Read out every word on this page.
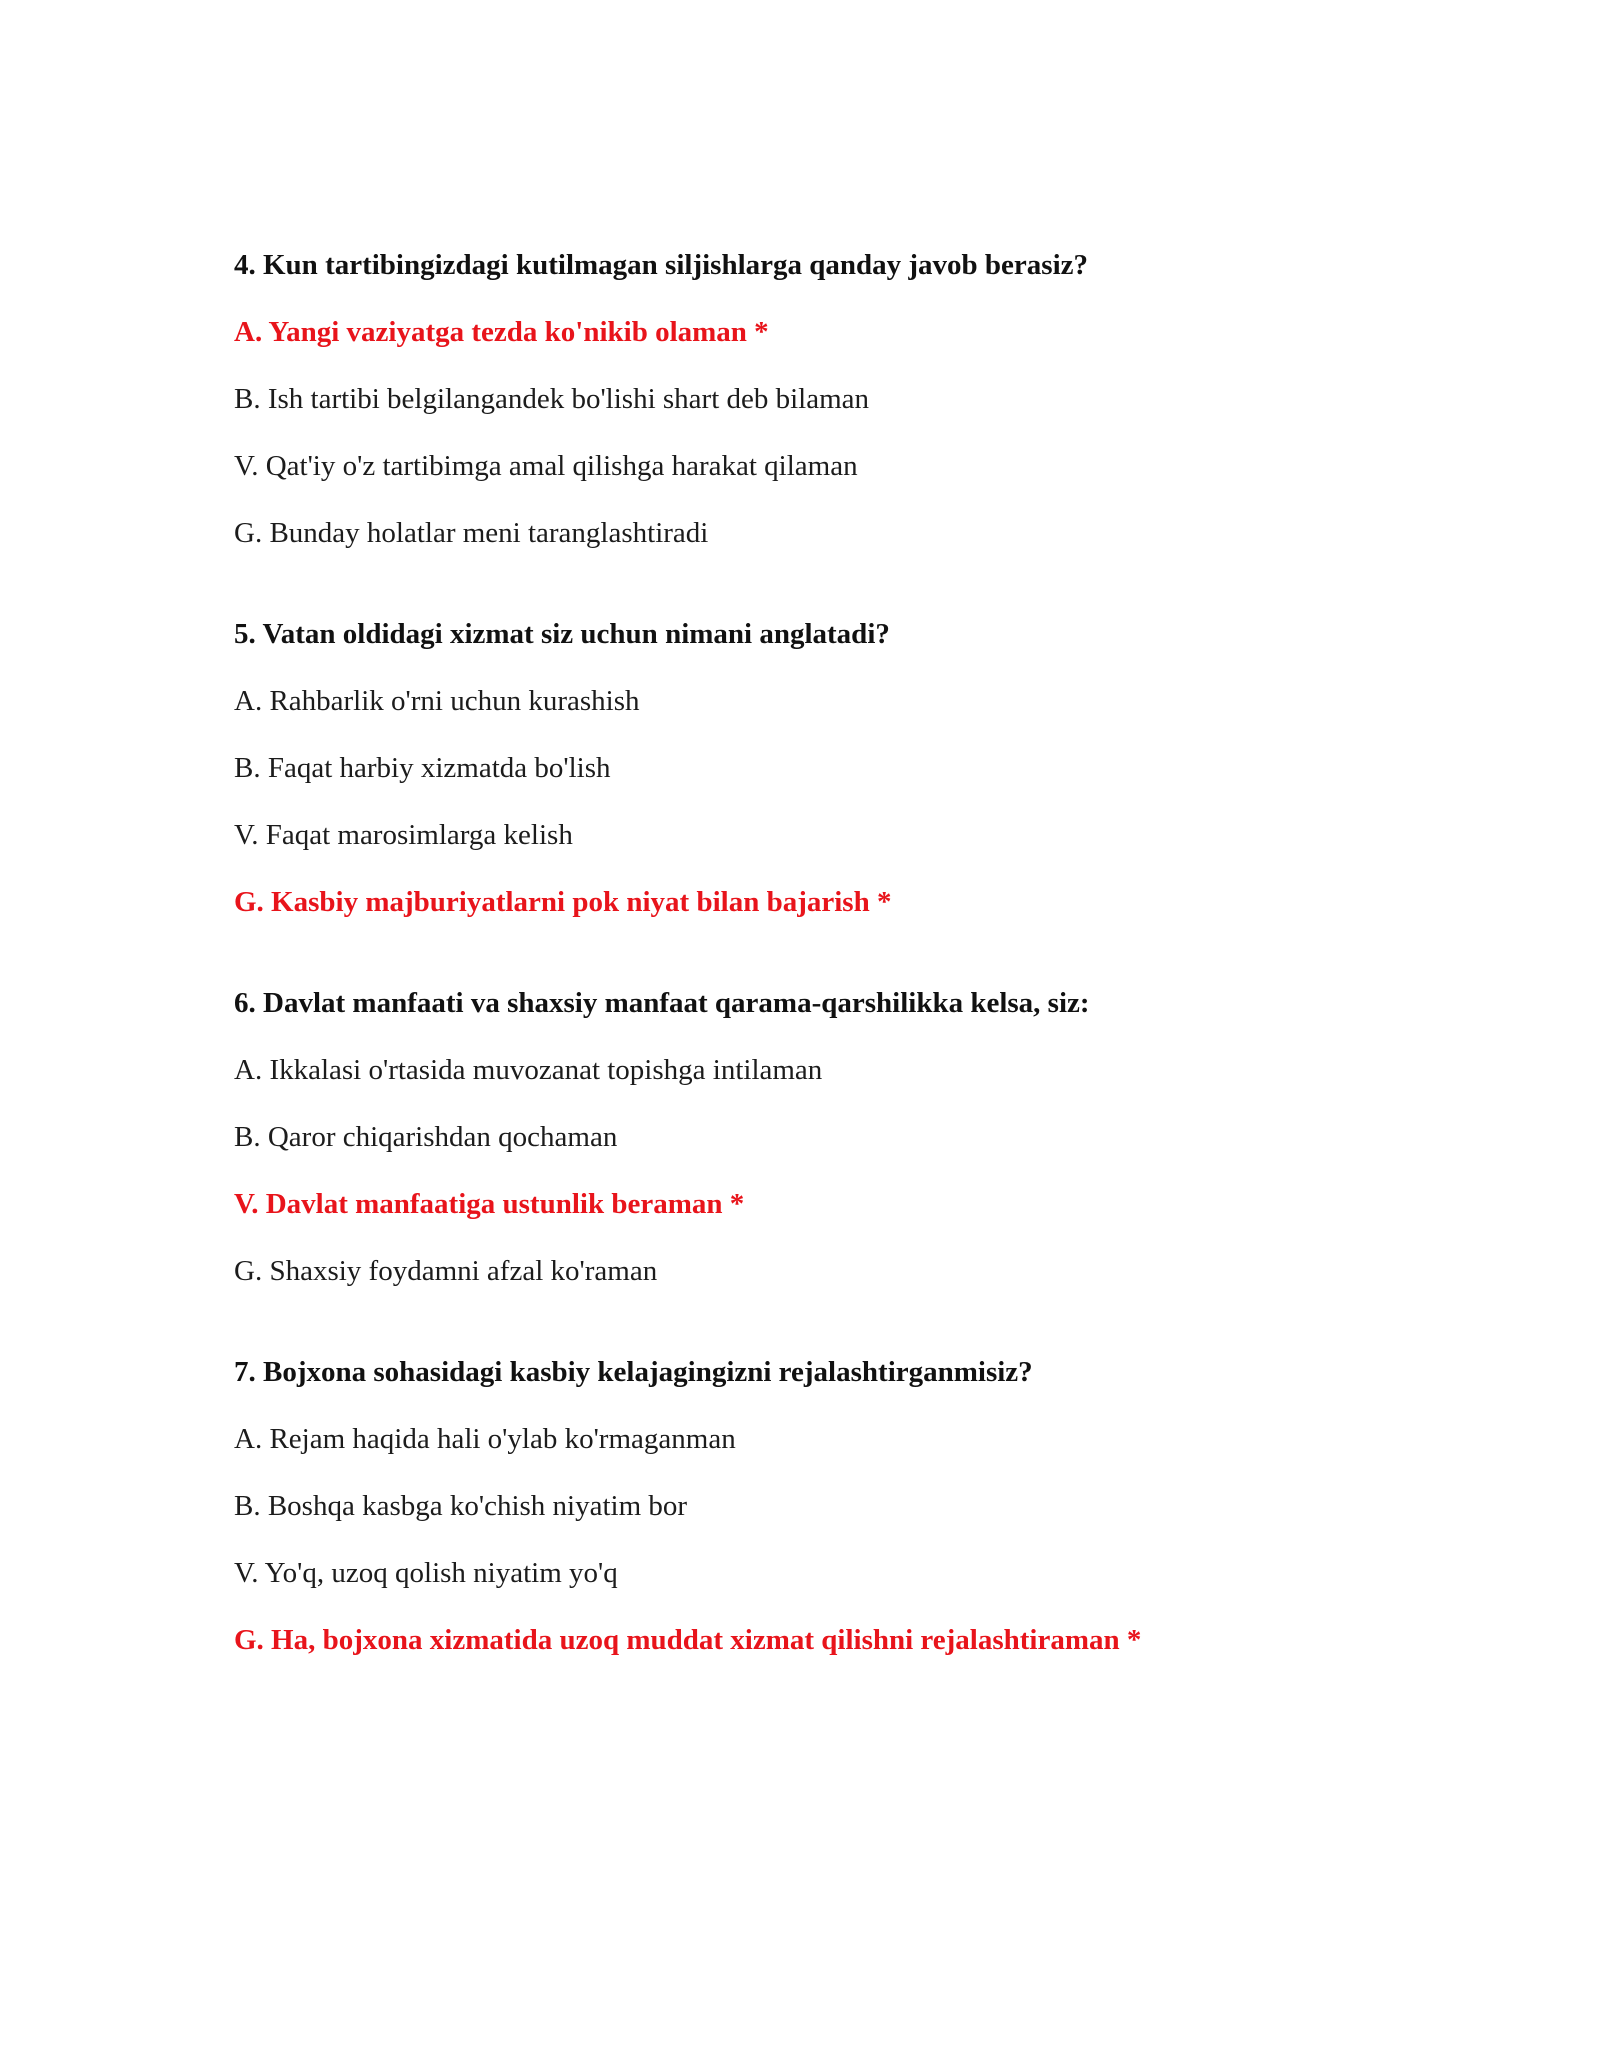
4. Kun tartibingizdagi kutilmagan siljishlarga qanday javob berasiz?
A. Yangi vaziyatga tezda ko'nikib olaman *
B. Ish tartibi belgilangandek bo'lishi shart deb bilaman
V. Qat'iy o'z tartibimga amal qilishga harakat qilaman
G. Bunday holatlar meni taranglashtiradi
5. Vatan oldidagi xizmat siz uchun nimani anglatadi?
A. Rahbarlik o'rni uchun kurashish
B. Faqat harbiy xizmatda bo'lish
V. Faqat marosimlarga kelish
G. Kasbiy majburiyatlarni pok niyat bilan bajarish *
6. Davlat manfaati va shaxsiy manfaat qarama-qarshilikka kelsa, siz:
A. Ikkalasi o'rtasida muvozanat topishga intilaman
B. Qaror chiqarishdan qochaman
V. Davlat manfaatiga ustunlik beraman *
G. Shaxsiy foydamni afzal ko'raman
7. Bojxona sohasidagi kasbiy kelajagingizni rejalashtirganmisiz?
A. Rejam haqida hali o'ylab ko'rmaganman
B. Boshqa kasbga ko'chish niyatim bor
V. Yo'q, uzoq qolish niyatim yo'q
G. Ha, bojxona xizmatida uzoq muddat xizmat qilishni rejalashtiraman *
